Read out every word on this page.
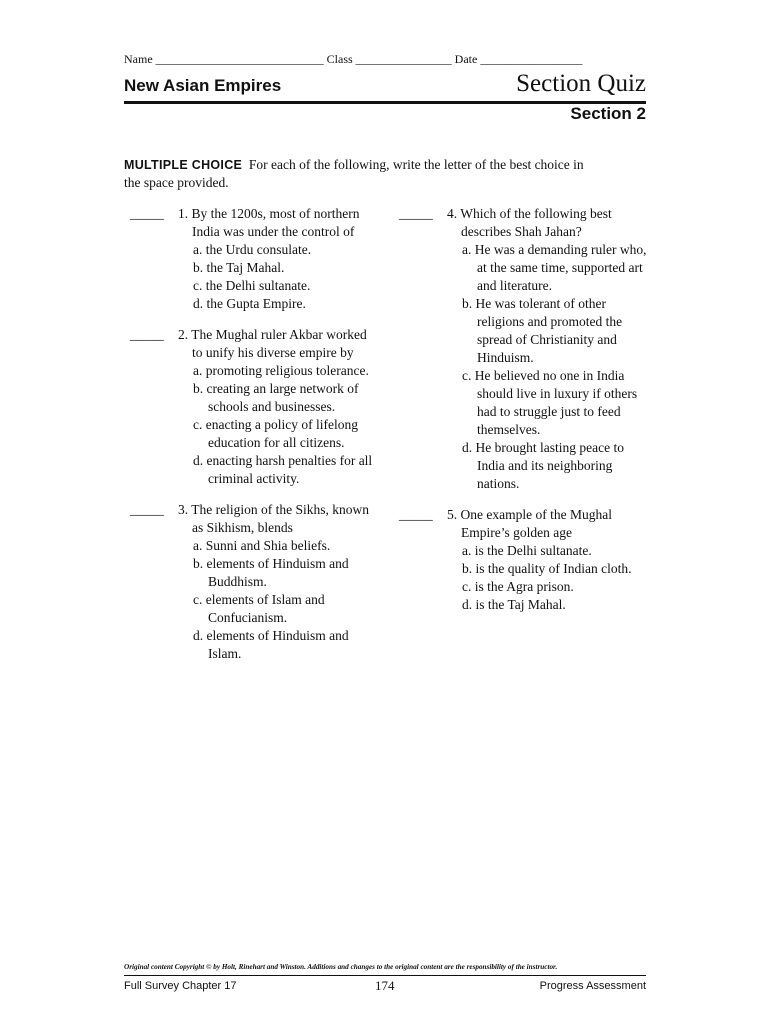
Name ____________________________ Class ________________ Date _________________
New Asian Empires	Section Quiz
Section 2
MULTIPLE CHOICE For each of the following, write the letter of the best choice in the space provided.
_____ 1. By the 1200s, most of northern India was under the control of
a. the Urdu consulate.
b. the Taj Mahal.
c. the Delhi sultanate.
d. the Gupta Empire.
_____ 2. The Mughal ruler Akbar worked to unify his diverse empire by
a. promoting religious tolerance.
b. creating an large network of schools and businesses.
c. enacting a policy of lifelong education for all citizens.
d. enacting harsh penalties for all criminal activity.
_____ 3. The religion of the Sikhs, known as Sikhism, blends
a. Sunni and Shia beliefs.
b. elements of Hinduism and Buddhism.
c. elements of Islam and Confucianism.
d. elements of Hinduism and Islam.
_____ 4. Which of the following best describes Shah Jahan?
a. He was a demanding ruler who, at the same time, supported art and literature.
b. He was tolerant of other religions and promoted the spread of Christianity and Hinduism.
c. He believed no one in India should live in luxury if others had to struggle just to feed themselves.
d. He brought lasting peace to India and its neighboring nations.
_____ 5. One example of the Mughal Empire’s golden age
a. is the Delhi sultanate.
b. is the quality of Indian cloth.
c. is the Agra prison.
d. is the Taj Mahal.
Original content Copyright © by Holt, Rinehart and Winston. Additions and changes to the original content are the responsibility of the instructor.
Full Survey Chapter 17	174	Progress Assessment
